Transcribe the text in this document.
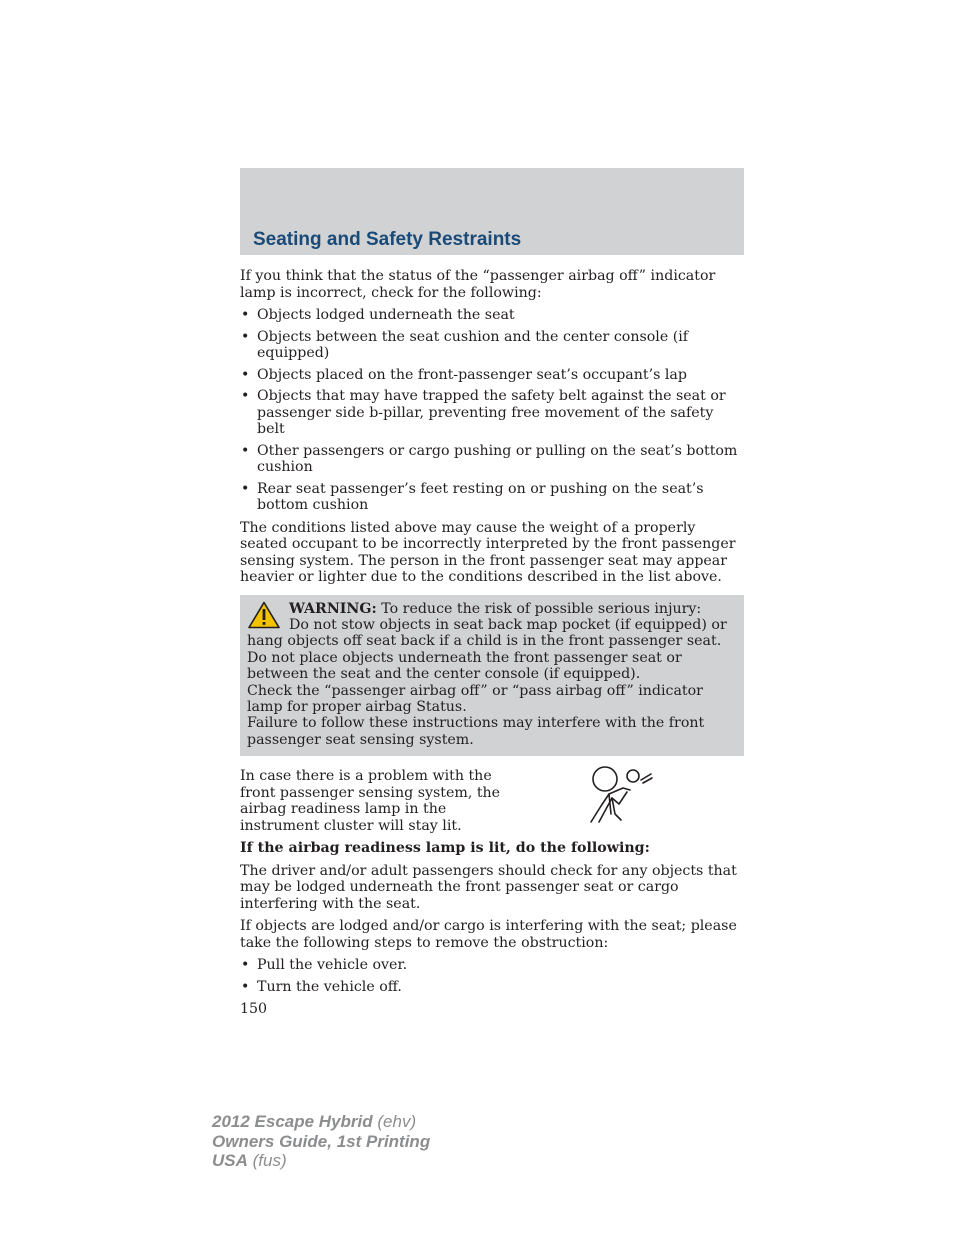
Seating and Safety Restraints

If you think that the status of the “passenger airbag off” indicator lamp is incorrect, check for the following:

• Objects lodged underneath the seat
• Objects between the seat cushion and the center console (if equipped)
• Objects placed on the front-passenger seat’s occupant’s lap
• Objects that may have trapped the safety belt against the seat or passenger side b-pillar, preventing free movement of the safety belt
• Other passengers or cargo pushing or pulling on the seat’s bottom cushion
• Rear seat passenger’s feet resting on or pushing on the seat’s bottom cushion

The conditions listed above may cause the weight of a properly seated occupant to be incorrectly interpreted by the front passenger sensing system. The person in the front passenger seat may appear heavier or lighter due to the conditions described in the list above.

WARNING: To reduce the risk of possible serious injury:

Do not stow objects in seat back map pocket (if equipped) or hang objects off seat back if a child is in the front passenger seat.

Do not place objects underneath the front passenger seat or between the seat and the center console (if equipped).

Check the “passenger airbag off” or “pass airbag off” indicator lamp for proper airbag Status.

Failure to follow these instructions may interfere with the front passenger seat sensing system.

In case there is a problem with the front passenger sensing system, the airbag readiness lamp in the instrument cluster will stay lit.

If the airbag readiness lamp is lit, do the following:

The driver and/or adult passengers should check for any objects that may be lodged underneath the front passenger seat or cargo interfering with the seat.

If objects are lodged and/or cargo is interfering with the seat; please take the following steps to remove the obstruction:

• Pull the vehicle over.
• Turn the vehicle off.
150
2012 Escape Hybrid (ehv)
Owners Guide, 1st Printing
USA (fus)
